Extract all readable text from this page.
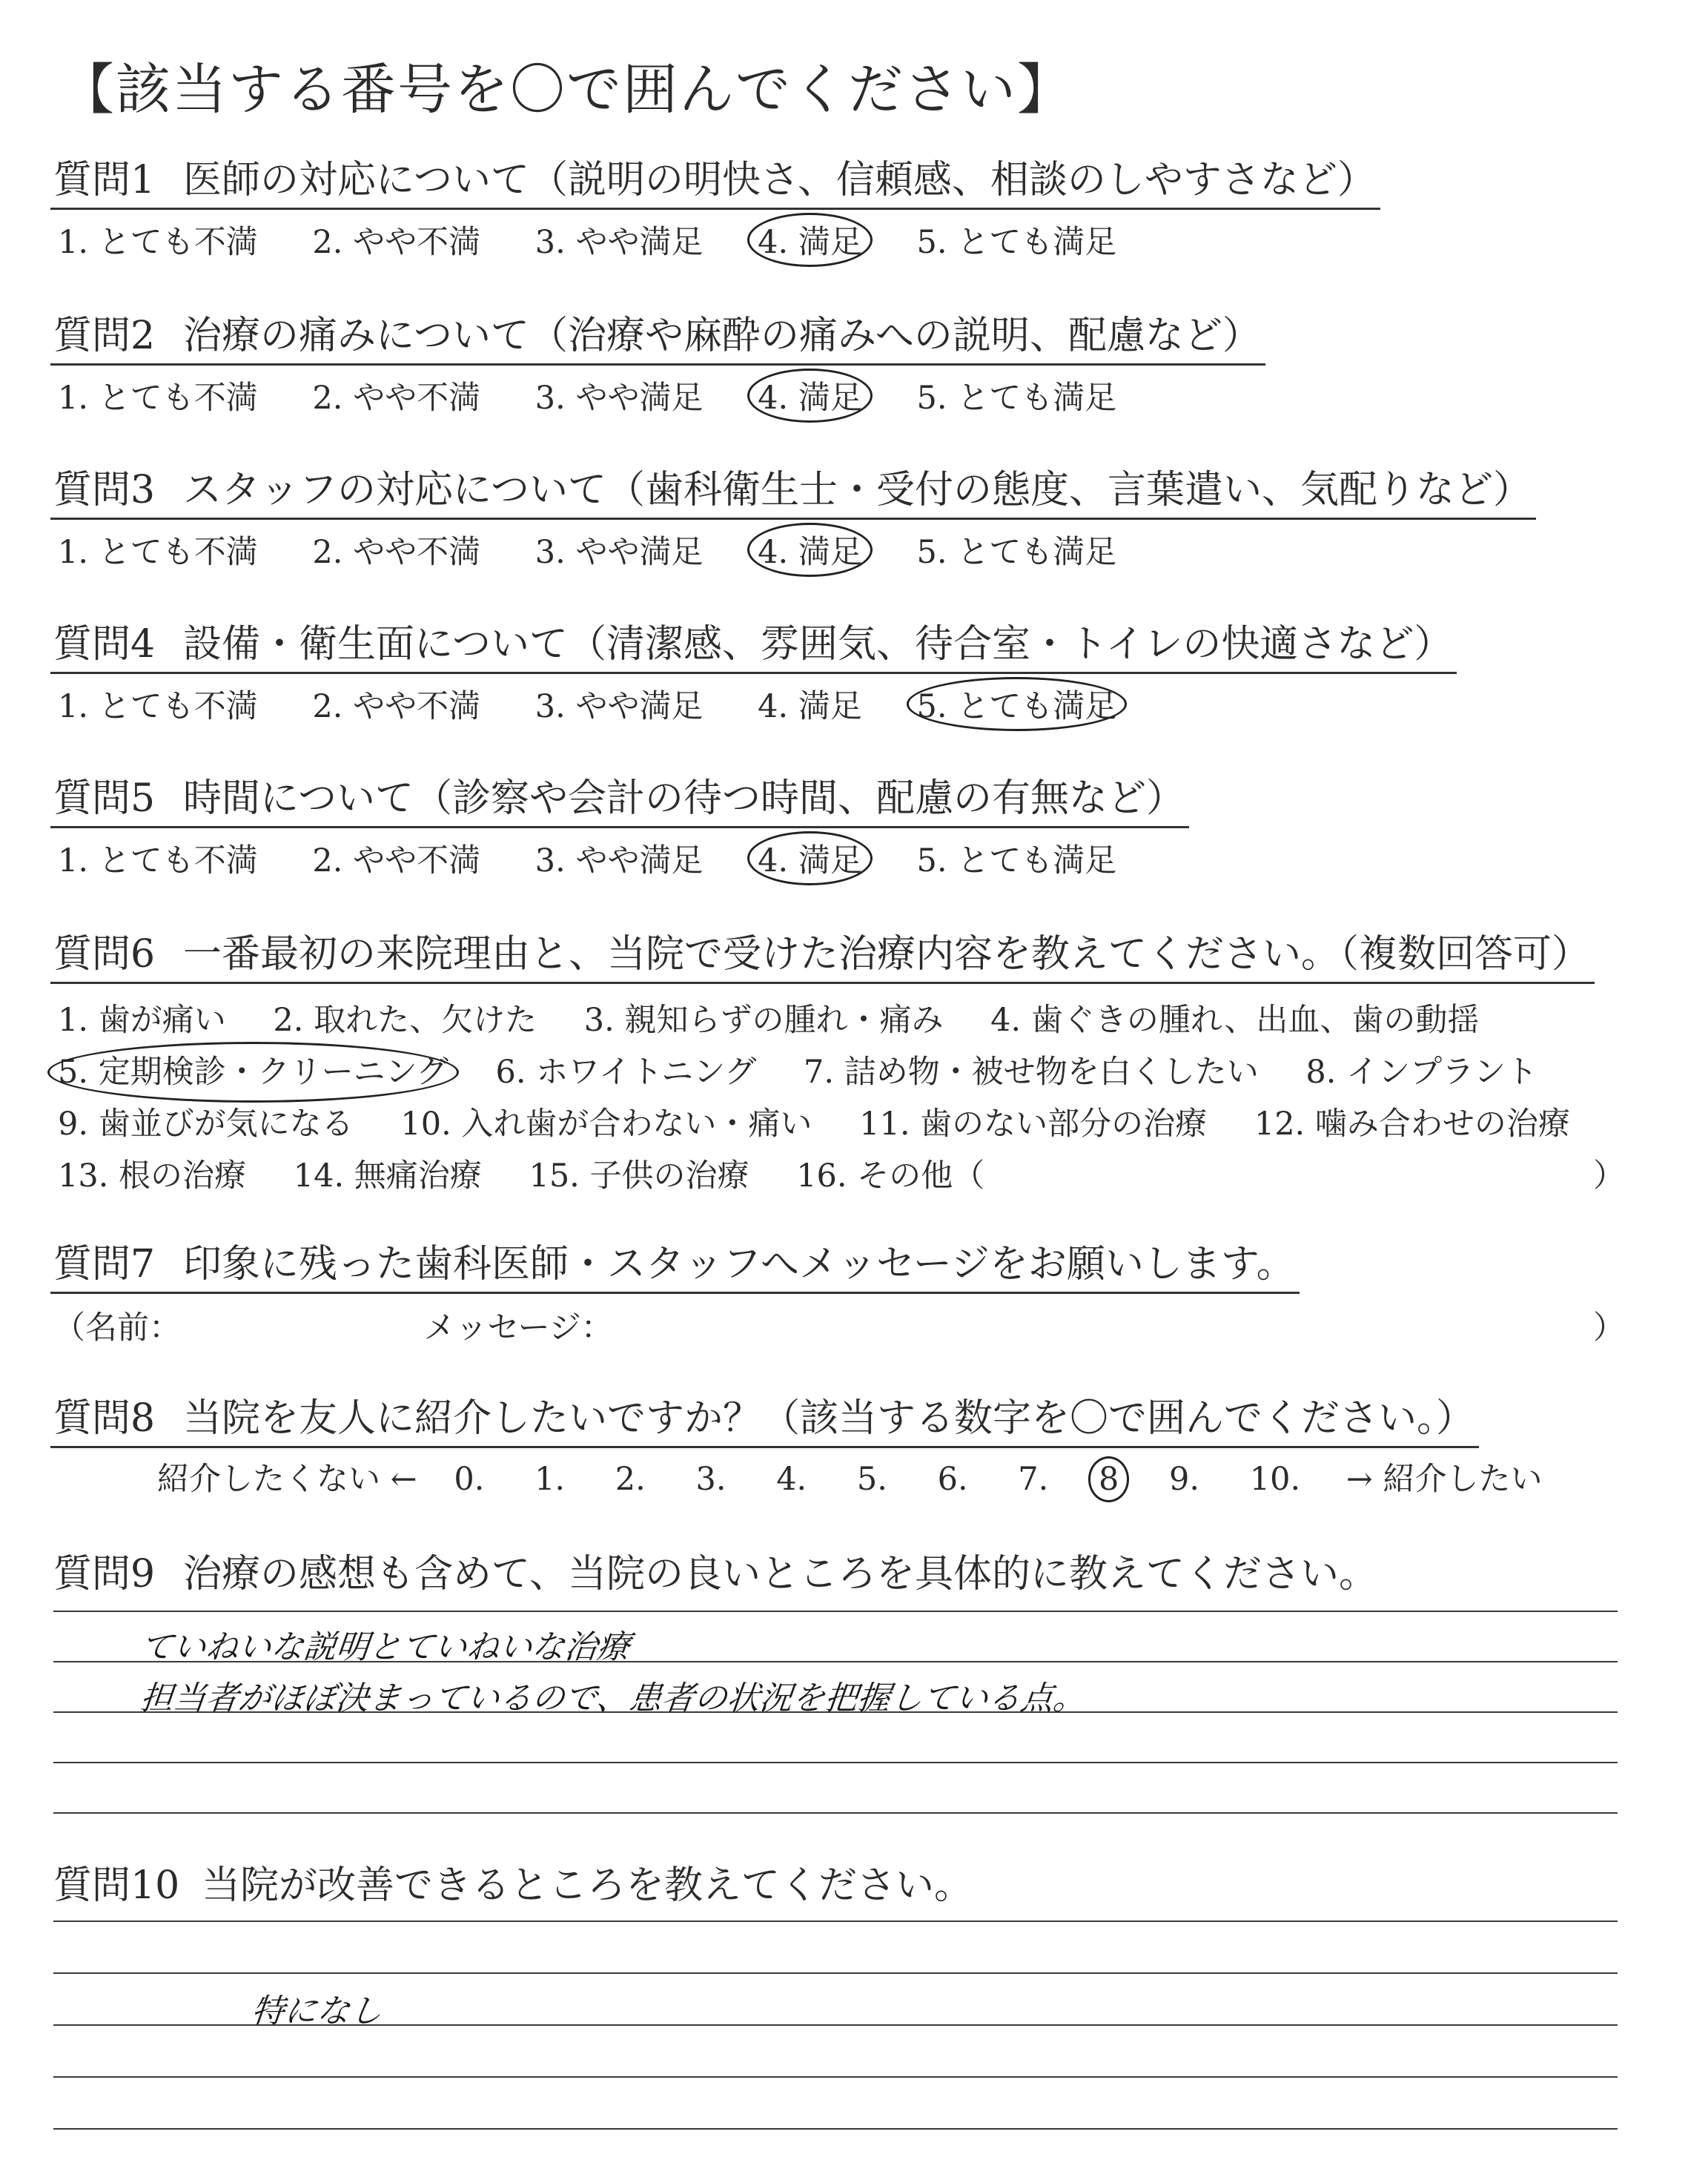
【該当する番号を〇で囲んでください】
質問1 医師の対応について（説明の明快さ、信頼感、相談のしやすさなど）
1. とても不満 2. やや不満 3. やや満足 4. 満足 5. とても満足
質問2 治療の痛みについて（治療や麻酔の痛みへの説明、配慮など）
1. とても不満 2. やや不満 3. やや満足 4. 満足 5. とても満足
質問3 スタッフの対応について（歯科衛生士・受付の態度、言葉遣い、気配りなど）
1. とても不満 2. やや不満 3. やや満足 4. 満足 5. とても満足
質問4 設備・衛生面について（清潔感、雰囲気、待合室・トイレの快適さなど）
1. とても不満 2. やや不満 3. やや満足 4. 満足 5. とても満足
質問5 時間について（診察や会計の待つ時間、配慮の有無など）
1. とても不満 2. やや不満 3. やや満足 4. 満足 5. とても満足
質問6 一番最初の来院理由と、当院で受けた治療内容を教えてください。（複数回答可）
1. 歯が痛い 2. 取れた、欠けた 3. 親知らずの腫れ・痛み 4. 歯ぐきの腫れ、出血、歯の動揺
5. 定期検診・クリーニング 6. ホワイトニング 7. 詰め物・被せ物を白くしたい 8. インプラント
9. 歯並びが気になる 10. 入れ歯が合わない・痛い 11. 歯のない部分の治療 12. 噛み合わせの治療
13. 根の治療 14. 無痛治療 15. 子供の治療 16. その他（	）
質問7 印象に残った歯科医師・スタッフへメッセージをお願いします。
（名前：	メッセージ：	）
質問8 当院を友人に紹介したいですか？（該当する数字を〇で囲んでください。）
紹介したくない ← 0. 1. 2. 3. 4. 5. 6. 7. 8 9. 10. → 紹介したい
質問9 治療の感想も含めて、当院の良いところを具体的に教えてください。
ていねいな説明とていねいな治療
担当者がほぼ決まっているので、患者の状況を把握している点。
質問10 当院が改善できるところを教えてください。
特になし
